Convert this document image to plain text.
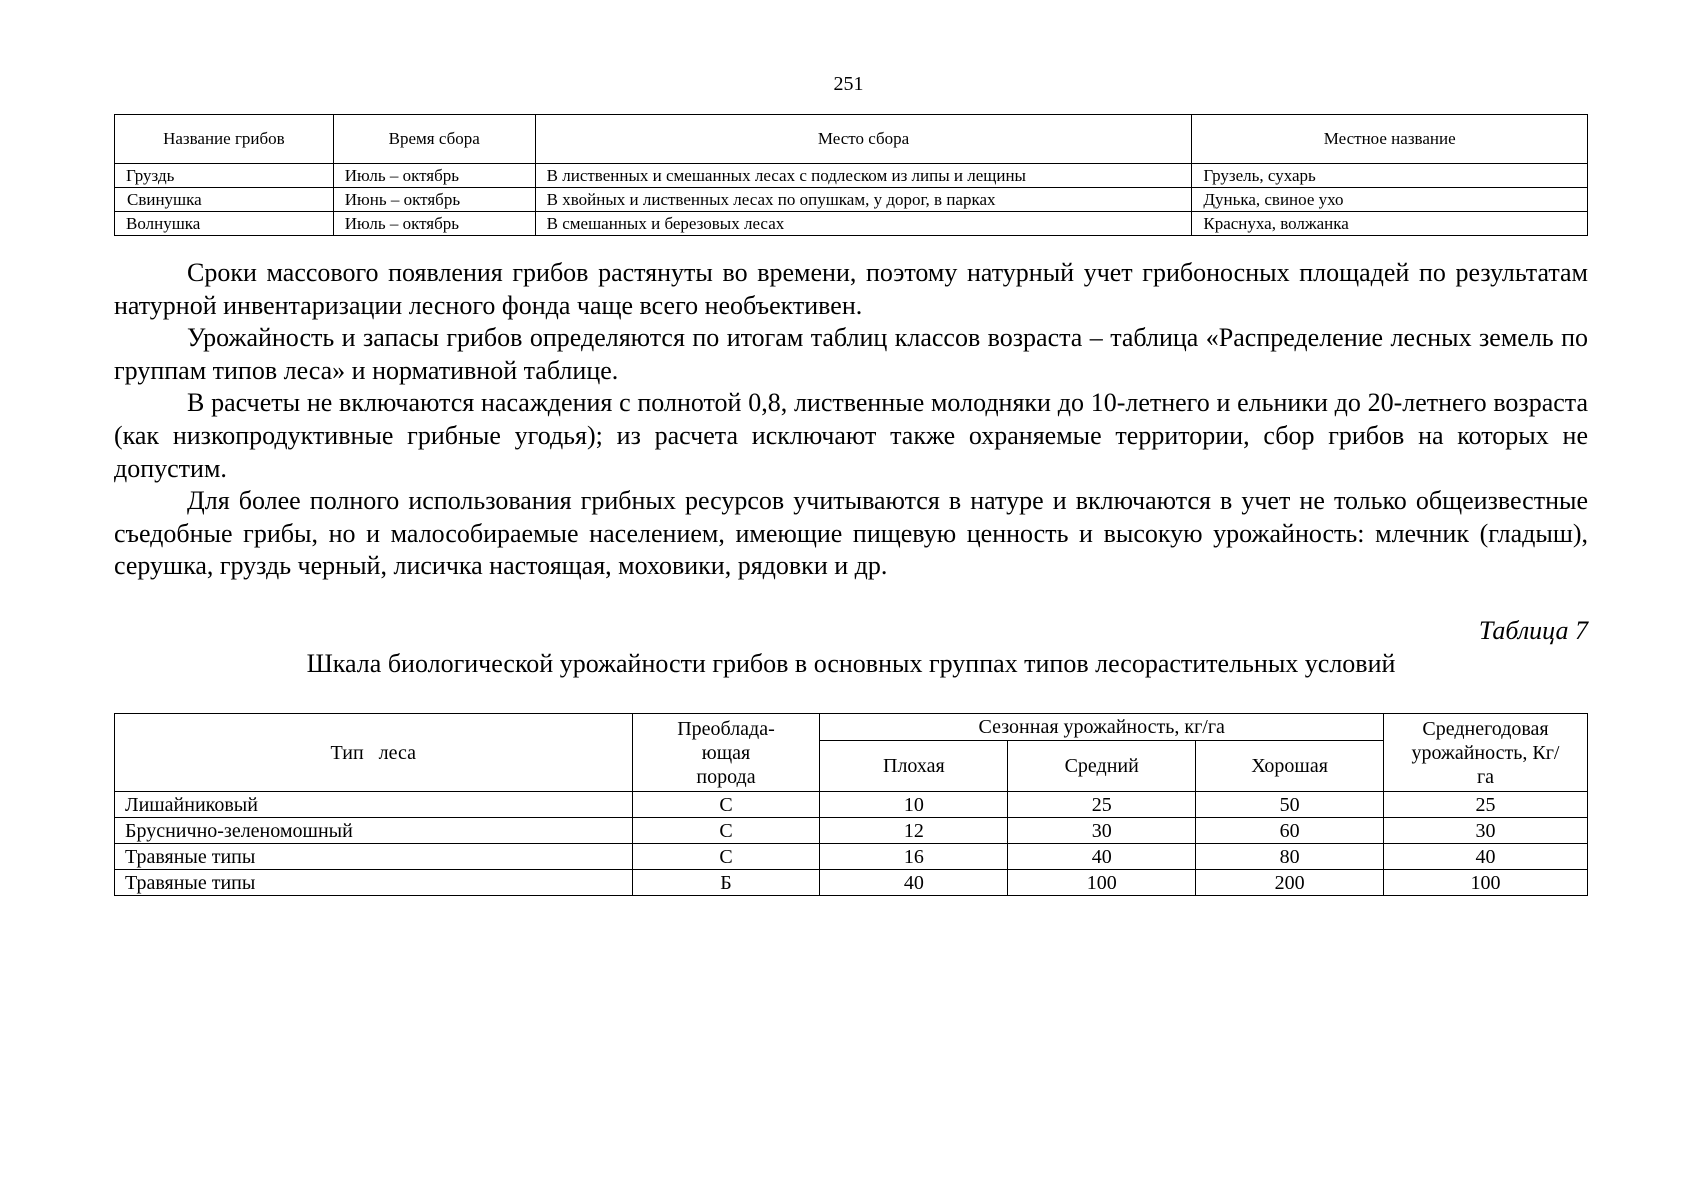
251
Название грибов	Время сбора	Место сбора	Местное название
Груздь	Июль – октябрь	В лиственных и смешанных лесах с подлеском из липы и лещины	Грузель, сухарь
Свинушка	Июнь – октябрь	В хвойных и лиственных лесах по опушкам, у дорог, в парках	Дунька, свиное ухо
Волнушка	Июль – октябрь	В смешанных и березовых лесах	Краснуха, волжанка

Сроки массового появления грибов растянуты во времени, поэтому натурный учет грибоносных площадей по результатам натурной инвентаризации лесного фонда чаще всего необъективен.

Урожайность и запасы грибов определяются по итогам таблиц классов возраста – таблица «Распределение лесных земель по группам типов леса» и нормативной таблице.

В расчеты не включаются насаждения с полнотой 0,8, лиственные молодняки до 10-летнего и ельники до 20-летнего возраста (как низкопродуктивные грибные угодья); из расчета исключают также охраняемые территории, сбор грибов на которых не допустим.

Для более полного использования грибных ресурсов учитываются в натуре и включаются в учет не только общеизвестные съедобные грибы, но и малособираемые населением, имеющие пищевую ценность и высокую урожайность: млечник (гладыш), серушка, груздь черный, лисичка настоящая, моховики, рядовки и др.

Таблица 7
Шкала биологической урожайности грибов в основных группах типов лесорастительных условий
Тип   леса	Преоблада-ющая порода	Сезонная урожайность, кг/га			Среднегодовая урожайность, Кг/га
		Плохая	Средний	Хорошая	
Лишайниковый	С	10	25	50	25
Бруснично-зеленомошный	С	12	30	60	30
Травяные типы	С	16	40	80	40
Травяные типы	Б	40	100	200	100
